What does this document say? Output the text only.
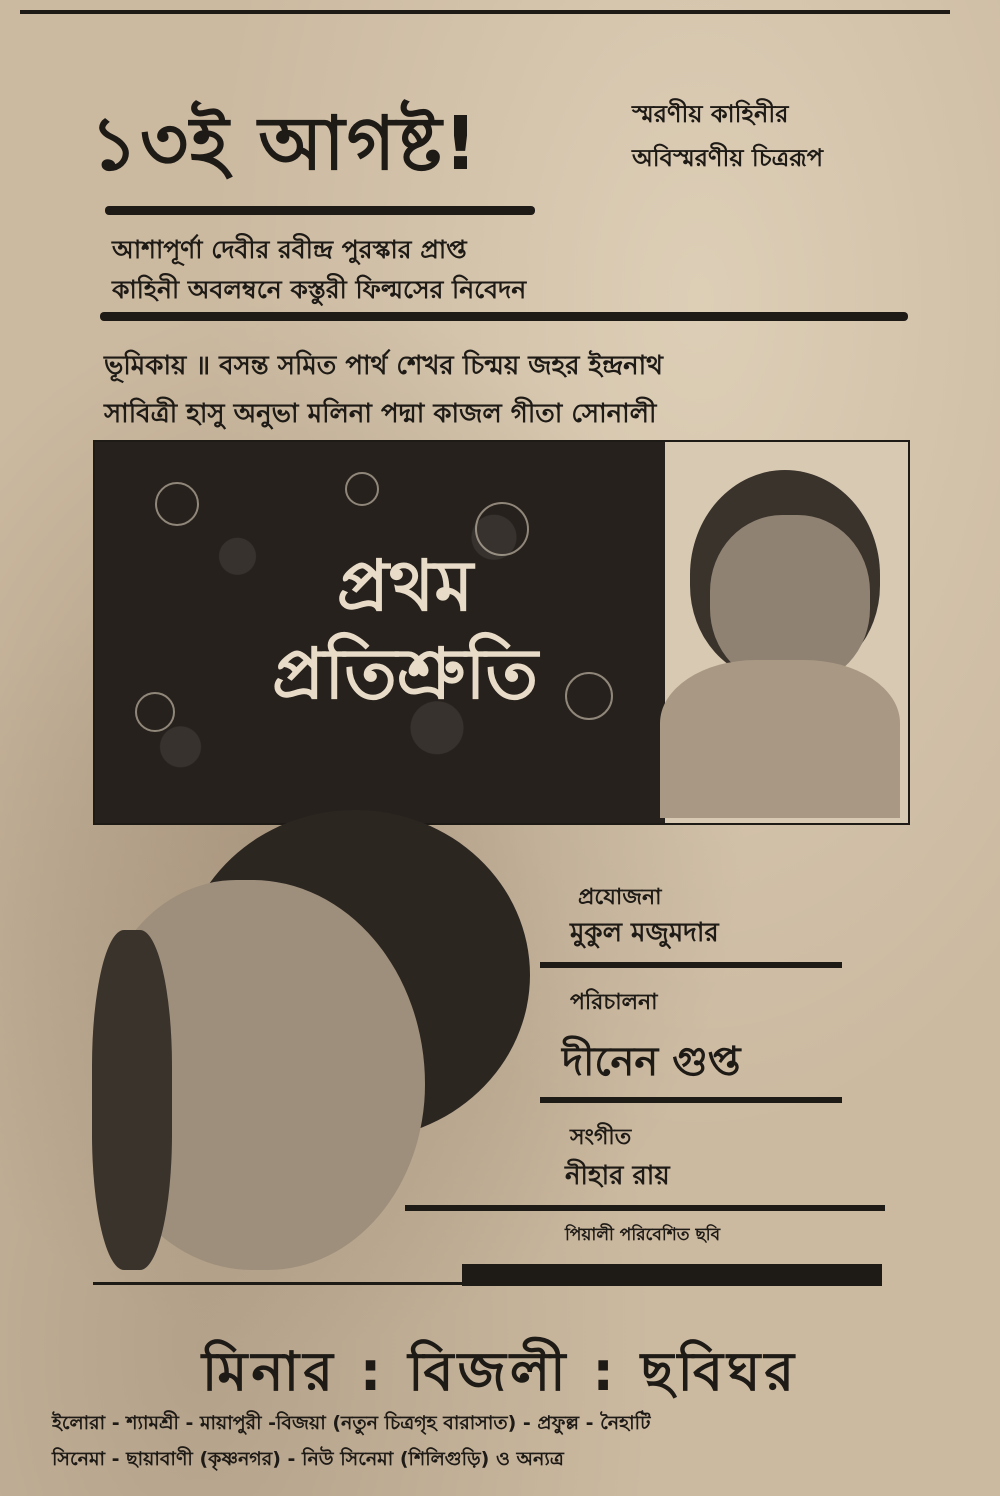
১৩ই আগষ্ট!	স্মরণীয় কাহিনীর
অবিস্মরণীয় চিত্ররূপ
আশাপূর্ণা দেবীর রবীন্দ্র পুরস্কার প্রাপ্ত
কাহিনী অবলম্বনে কস্তুরী ফিল্মসের নিবেদন
ভূমিকায় ॥ বসন্ত সমিত পার্থ শেখর চিন্ময় জহর ইন্দ্রনাথ
সাবিত্রী হাসু অনুভা মলিনা পদ্মা কাজল গীতা সোনালী
প্রথম
প্রতিশ্রুতি
প্রযোজনা
মুকুল মজুমদার
পরিচালনা
দীনেন গুপ্ত
সংগীত
নীহার রায়
পিয়ালী পরিবেশিত ছবি
মিনার : বিজলী : ছবিঘর
ইলোরা - শ্যামশ্রী - মায়াপুরী -বিজয়া (নতুন চিত্রগৃহ বারাসাত) - প্রফুল্ল - নৈহাটি
সিনেমা - ছায়াবাণী (কৃষ্ণনগর) - নিউ সিনেমা (শিলিগুড়ি) ও অন্যত্র
